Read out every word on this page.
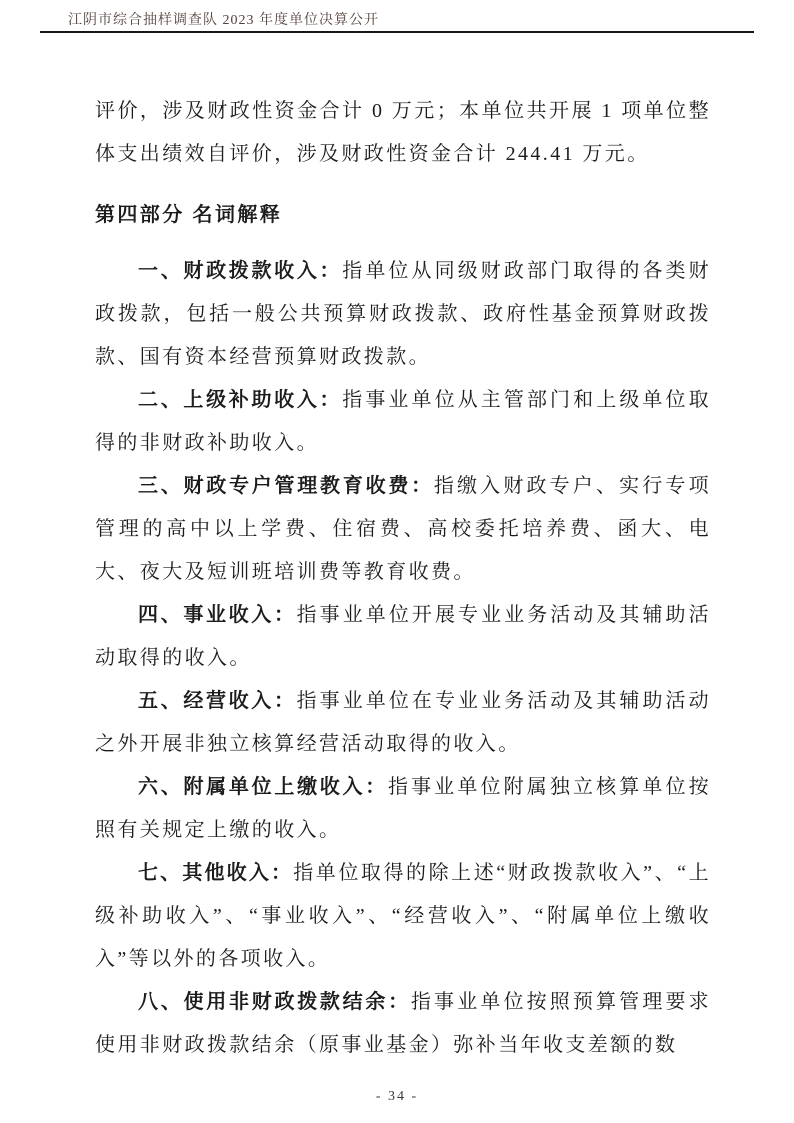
江阴市综合抽样调查队 2023 年度单位决算公开

评价，涉及财政性资金合计 0 万元；本单位共开展 1 项单位整体支出绩效自评价，涉及财政性资金合计 244.41 万元。

第四部分 名词解释

一、财政拨款收入：指单位从同级财政部门取得的各类财政拨款，包括一般公共预算财政拨款、政府性基金预算财政拨款、国有资本经营预算财政拨款。

二、上级补助收入：指事业单位从主管部门和上级单位取得的非财政补助收入。

三、财政专户管理教育收费：指缴入财政专户、实行专项管理的高中以上学费、住宿费、高校委托培养费、函大、电大、夜大及短训班培训费等教育收费。

四、事业收入：指事业单位开展专业业务活动及其辅助活动取得的收入。

五、经营收入：指事业单位在专业业务活动及其辅助活动之外开展非独立核算经营活动取得的收入。

六、附属单位上缴收入：指事业单位附属独立核算单位按照有关规定上缴的收入。

七、其他收入：指单位取得的除上述“财政拨款收入”、“上级补助收入”、“事业收入”、“经营收入”、“附属单位上缴收入”等以外的各项收入。

八、使用非财政拨款结余：指事业单位按照预算管理要求使用非财政拨款结余（原事业基金）弥补当年收支差额的数

- 34 -
